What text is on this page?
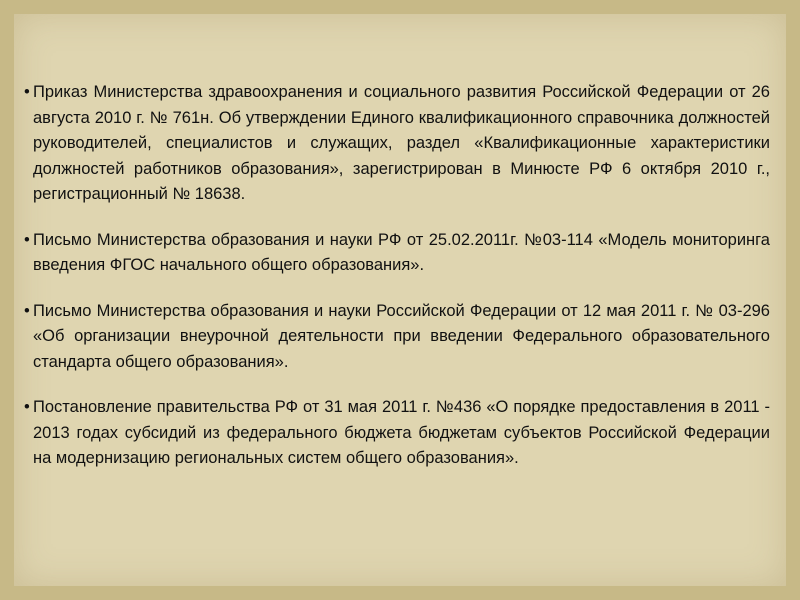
• Приказ Министерства здравоохранения и социального развития Российской Федерации от 26 августа 2010 г. № 761н. Об утверждении Единого квалификационного справочника должностей руководителей, специалистов и служащих, раздел «Квалификационные характеристики должностей работников образования», зарегистрирован в Минюсте РФ 6 октября 2010 г., регистрационный № 18638.
• Письмо Министерства образования и науки РФ от 25.02.2011г. №03-114 «Модель мониторинга введения ФГОС начального общего образования».
• Письмо Министерства образования и науки Российской Федерации от 12 мая 2011 г. № 03-296 «Об организации внеурочной деятельности при введении Федерального образовательного стандарта общего образования».
• Постановление правительства РФ от 31 мая 2011 г. №436 «О порядке предоставления в 2011 - 2013 годах субсидий из федерального бюджета бюджетам субъектов Российской Федерации на модернизацию региональных систем общего образования».
